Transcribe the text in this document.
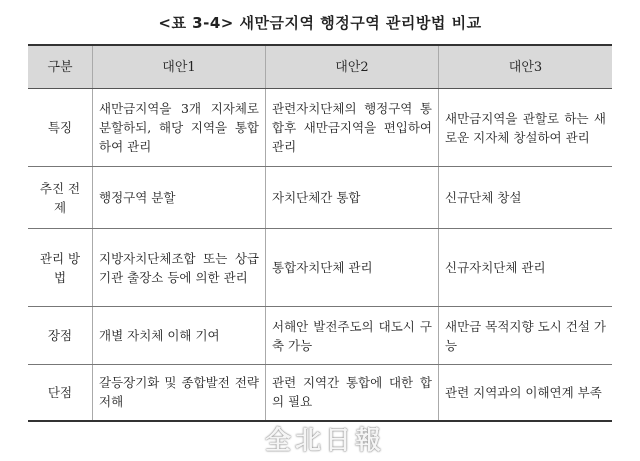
<표 3-4> 새만금지역 행정구역 관리방법 비교
구분	대안1	대안2	대안3
특징	새만금지역을 3개 지자체로 분할하되, 해당 지역을 통합하여 관리	관련자치단체의 행정구역 통합후 새만금지역을 편입하여 관리	새만금지역을 관할로 하는 새로운 지자체 창설하여 관리
추진 전제	행정구역 분할	자치단체간 통합	신규단체 창설
관리 방법	지방자치단체조합 또는 상급기관 출장소 등에 의한 관리	통합자치단체 관리	신규자치단체 관리
장점	개별 자치체 이해 기여	서해안 발전주도의 대도시 구축 가능	새만금 목적지향 도시 건설 가능
단점	갈등장기화 및 종합발전 전략 저해	관련 지역간 통합에 대한 합의 필요	관련 지역과의 이해연계 부족
全北日報
